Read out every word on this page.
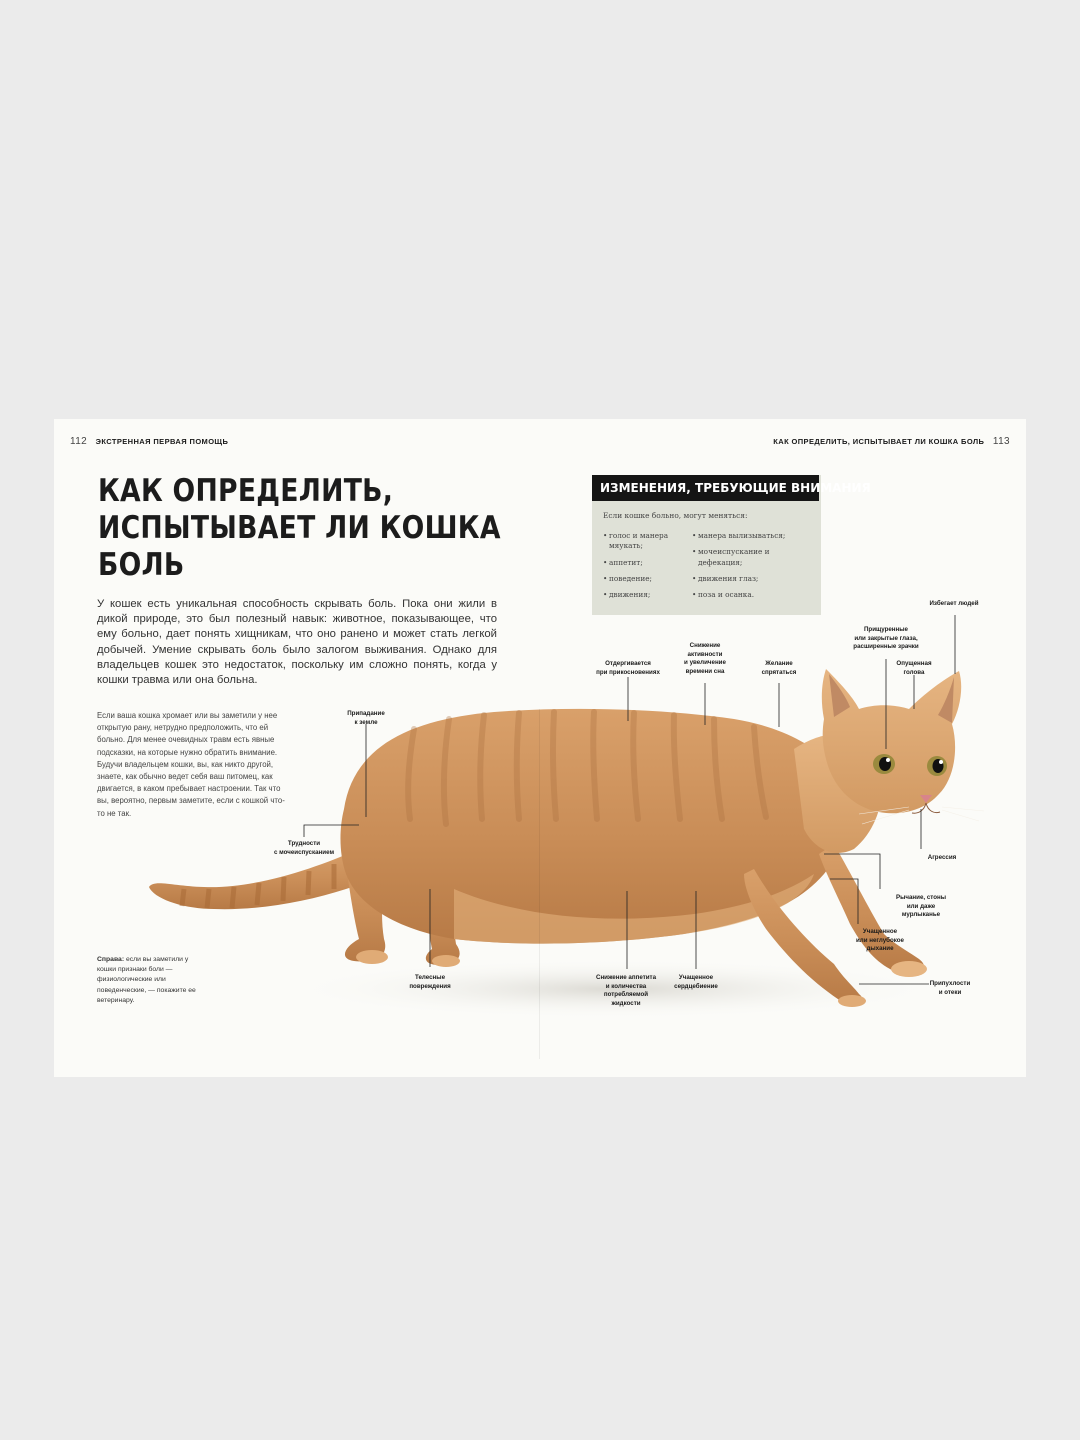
112 ЭКСТРЕННАЯ ПЕРВАЯ ПОМОЩЬ	КАК ОПРЕДЕЛИТЬ, ИСПЫТЫВАЕТ ЛИ КОШКА БОЛЬ 113
КАК ОПРЕДЕЛИТЬ,
ИСПЫТЫВАЕТ ЛИ КОШКА
БОЛЬ

У кошек есть уникальная способность скрывать боль. Пока они жили в дикой природе, это был полезный навык: животное, показывающее, что ему больно, дает понять хищникам, что оно ранено и может стать легкой добычей. Умение скрывать боль было залогом выживания. Однако для владельцев кошек это недостаток, поскольку им сложно понять, когда у кошки травма или она больна.

Если ваша кошка хромает или вы заметили у нее открытую рану, нетрудно предположить, что ей больно. Для менее очевидных травм есть явные подсказки, на которые нужно обратить внимание. Будучи владельцем кошки, вы, как никто другой, знаете, как обычно ведет себя ваш питомец, как двигается, в каком пребывает настроении. Так что вы, вероятно, первым заметите, если с кошкой что-то не так.

Справа: если вы заметили у кошки признаки боли — физиологические или поведенческие, — покажите ее ветеринару.

ИЗМЕНЕНИЯ, ТРЕБУЮЩИЕ ВНИМАНИЯ
Если кошке больно, могут меняться:
• голос и манера мяукать;
• аппетит;
• поведение;
• движения;
• манера вылизываться;
• мочеиспускание и дефекация;
• движения глаз;
• поза и осанка.
Избегает людей
Прищуренные
или закрытые глаза,
расширенные зрачки
Опущенная
голова
Снижение
активности
и увеличение
времени сна
Отдергивается
при прикосновениях
Желание
спрятаться
Припадание
к земле
Трудности
с мочеиспусканием
Агрессия
Рычание, стоны
или даже
мурлыканье
Учащенное
или неглубокое
дыхание
Телесные
повреждения
Снижение аппетита
и количества
потребляемой
жидкости
Учащенное
сердцебиение	Припухлости
и отеки
